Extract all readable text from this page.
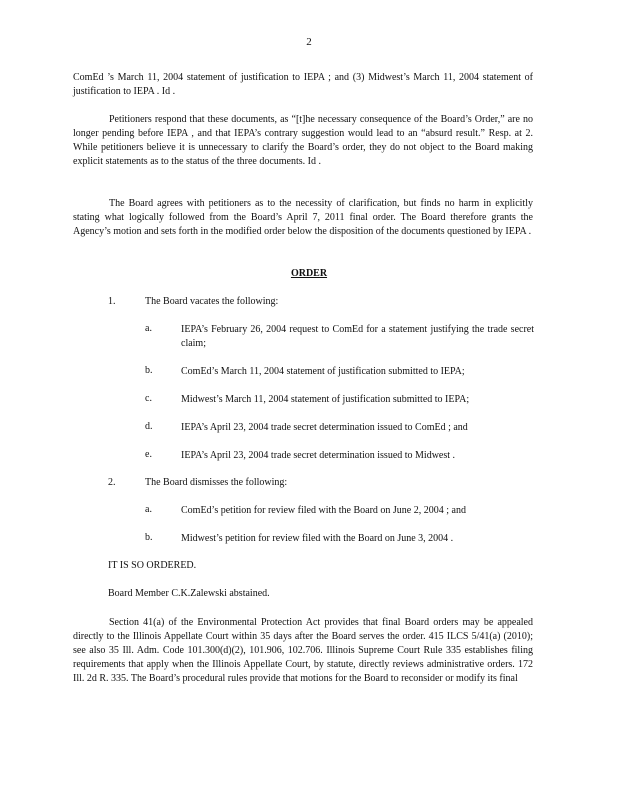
2

ComEd ’s March 11, 2004 statement of justification to IEPA ; and (3) Midwest’s March 11, 2004 statement of justification to IEPA . Id .

Petitioners respond that these documents, as “[t]he necessary consequence of the Board’s Order,” are no longer pending before IEPA , and that IEPA’s contrary suggestion would lead to an “absurd result.” Resp. at 2. While petitioners believe it is unnecessary to clarify the Board’s order, they do not object to the Board making explicit statements as to the status of the three documents. Id .

The Board agrees with petitioners as to the necessity of clarification, but finds no harm in explicitly stating what logically followed from the Board’s April 7, 2011 final order. The Board therefore grants the Agency’s motion and sets forth in the modified order below the disposition of the documents questioned by IEPA .

ORDER
1.	The Board vacates the following:
a.	IEPA’s February 26, 2004 request to ComEd for a statement justifying the trade secret claim;
b.	ComEd’s March 11, 2004 statement of justification submitted to IEPA;
c.	Midwest’s March 11, 2004 statement of justification submitted to IEPA;
d.	IEPA’s April 23, 2004 trade secret determination issued to ComEd ; and
e.	IEPA’s April 23, 2004 trade secret determination issued to Midwest .
2.	The Board dismisses the following:
a.	ComEd’s petition for review filed with the Board on June 2, 2004 ; and
b.	Midwest’s petition for review filed with the Board on June 3, 2004 .
IT IS SO ORDERED.
Board Member C.K.Zalewski abstained.

Section 41(a) of the Environmental Protection Act provides that final Board orders may be appealed directly to the Illinois Appellate Court within 35 days after the Board serves the order. 415 ILCS 5/41(a) (2010); see also 35 Ill. Adm. Code 101.300(d)(2), 101.906, 102.706. Illinois Supreme Court Rule 335 establishes filing requirements that apply when the Illinois Appellate Court, by statute, directly reviews administrative orders. 172 Ill. 2d R. 335. The Board’s procedural rules provide that motions for the Board to reconsider or modify its final
